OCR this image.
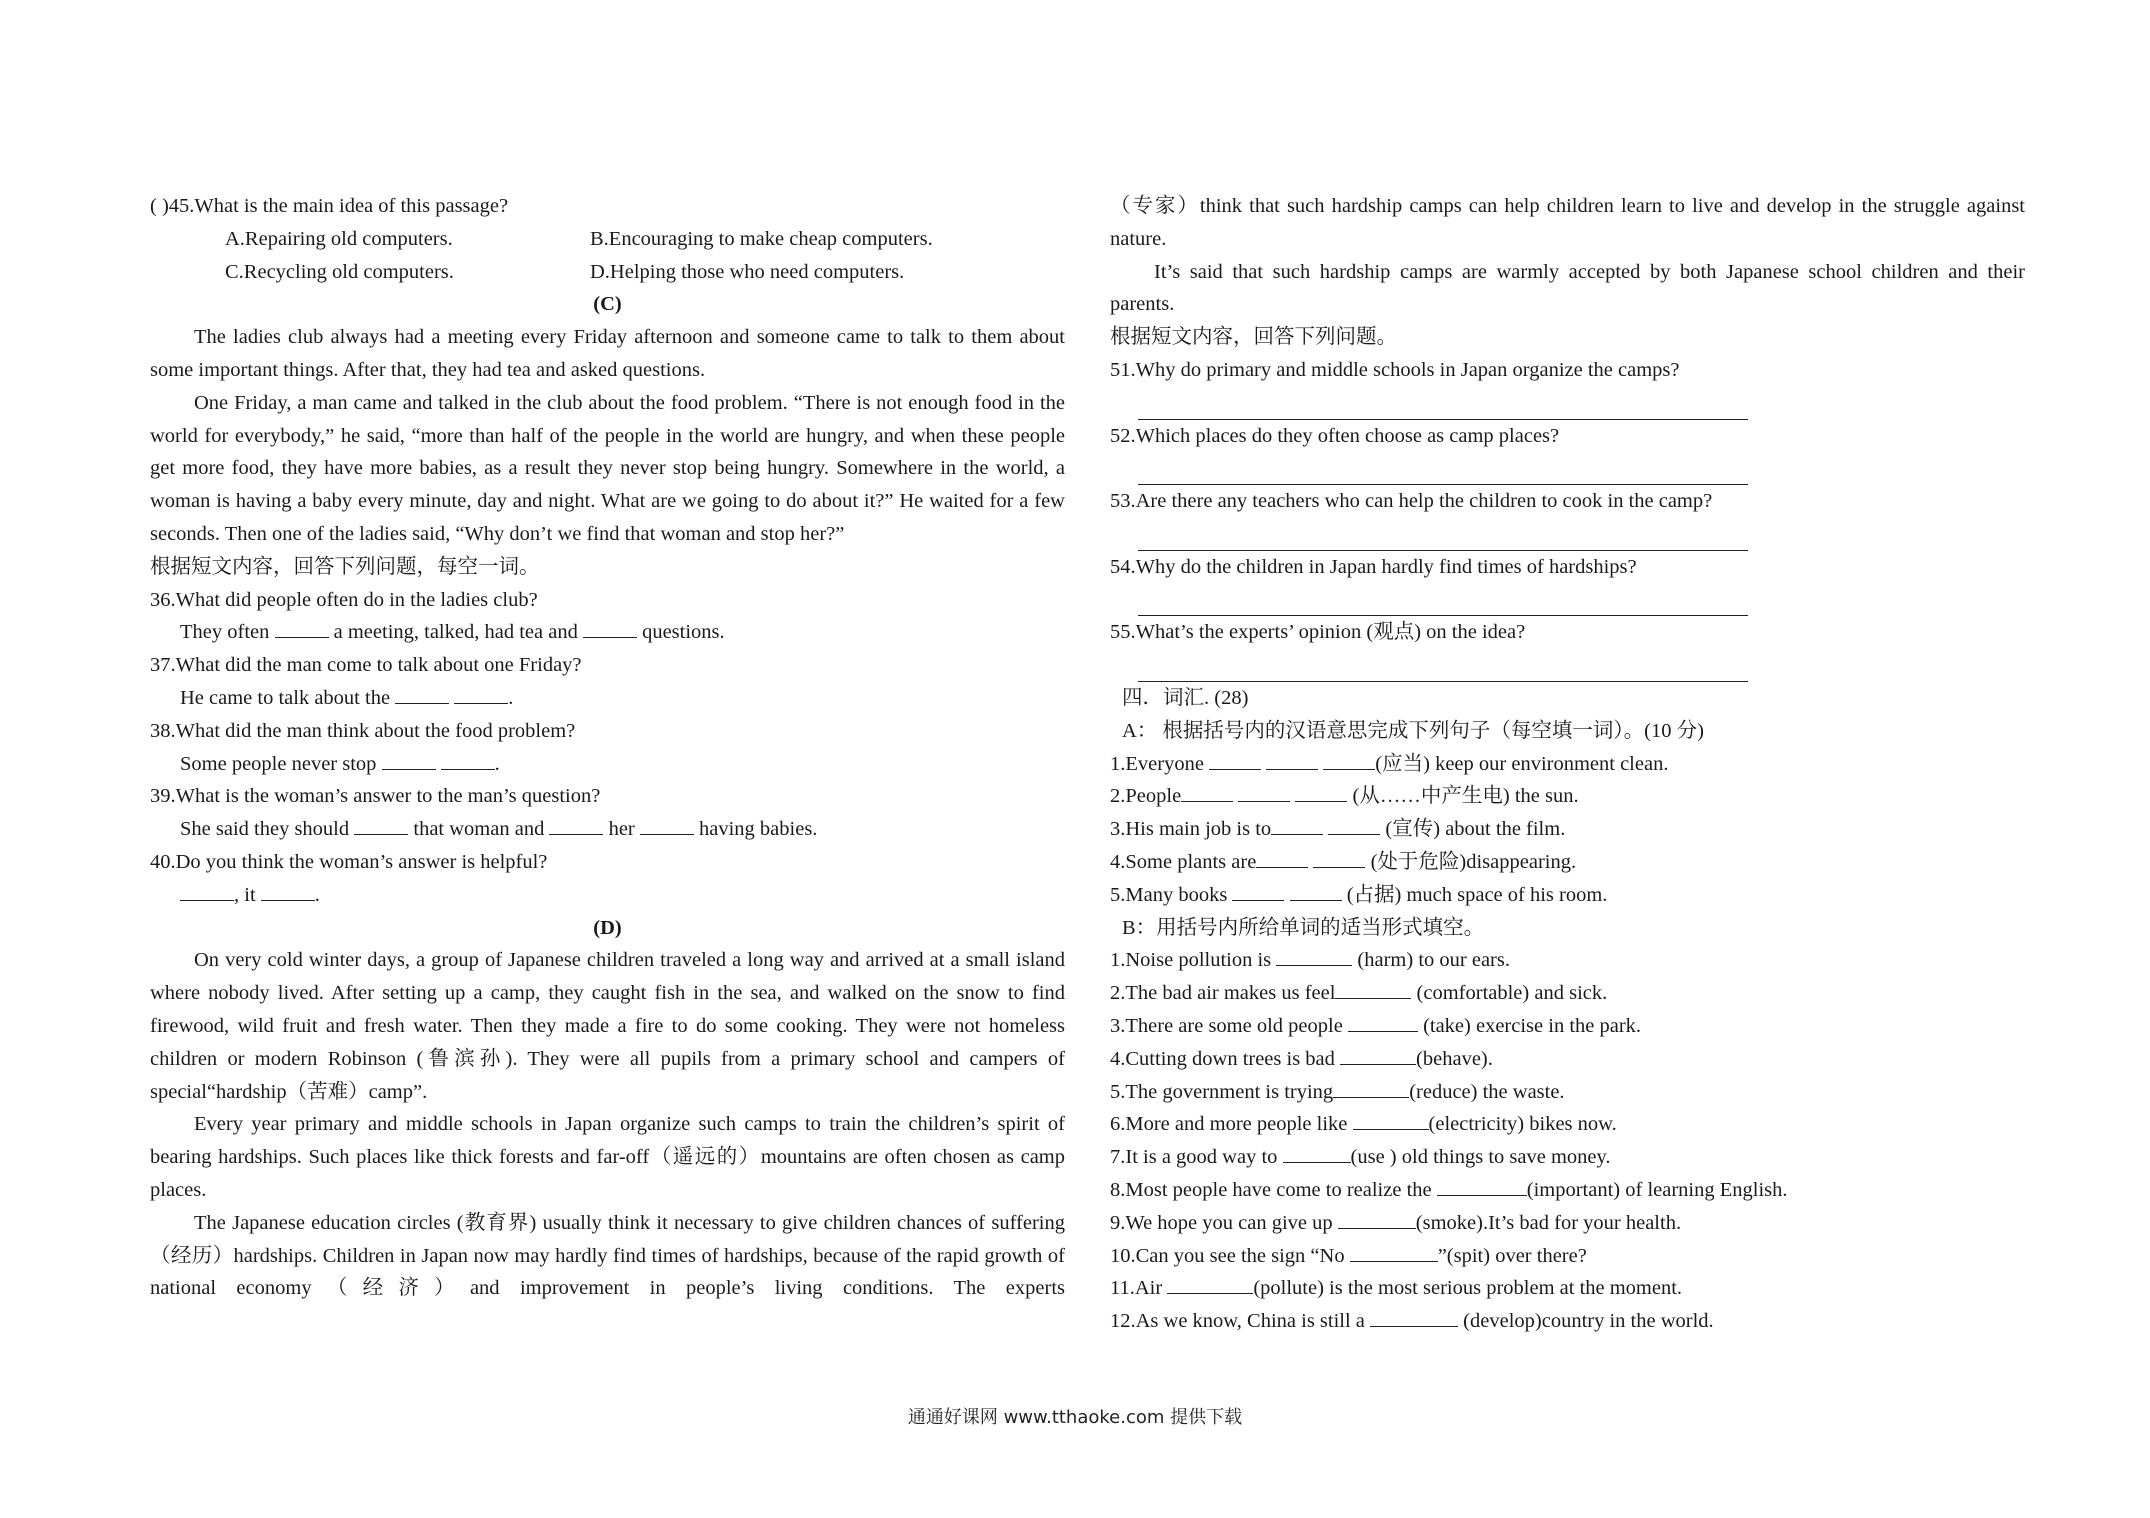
( )45.What is the main idea of this passage?

A.Repairing old computers.	B.Encouraging to make cheap computers.
C.Recycling old computers.	D.Helping those who need computers.

(C)

The ladies club always had a meeting every Friday afternoon and someone came to talk to them about some important things. After that, they had tea and asked questions.

One Friday, a man came and talked in the club about the food problem. “There is not enough food in the world for everybody,” he said, “more than half of the people in the world are hungry, and when these people get more food, they have more babies, as a result they never stop being hungry. Somewhere in the world, a woman is having a baby every minute, day and night. What are we going to do about it?” He waited for a few seconds. Then one of the ladies said, “Why don’t we find that woman and stop her?”

根据短文内容，回答下列问题，每空一词。

36.What did people often do in the ladies club?

They often	a meeting, talked, had tea and	questions.

37.What did the man come to talk about one Friday?

He came to talk about the	.

38.What did the man think about the food problem?

Some people never stop	.

39.What is the woman’s answer to the man’s question?

She said they should	that woman and	her	having babies.

40.Do you think the woman’s answer is helpful?

, it	.

(D)

On very cold winter days, a group of Japanese children traveled a long way and arrived at a small island where nobody lived. After setting up a camp, they caught fish in the sea, and walked on the snow to find firewood, wild fruit and fresh water. Then they made a fire to do some cooking. They were not homeless children or modern Robinson (鲁滨孙). They were all pupils from a primary school and campers of special“hardship（苦难）camp”.

Every year primary and middle schools in Japan organize such camps to train the children’s spirit of bearing hardships. Such places like thick forests and far-off（遥远的）mountains are often chosen as camp places.

The Japanese education circles (教育界) usually think it necessary to give children chances of suffering（经历）hardships. Children in Japan now may hardly find times of hardships, because of the rapid growth of national economy（经济）and improvement in people’s living conditions. The experts

（专家）think that such hardship camps can help children learn to live and develop in the struggle against nature.

It’s said that such hardship camps are warmly accepted by both Japanese school children and their parents.

根据短文内容，回答下列问题。

51.Why do primary and middle schools in Japan organize the camps?

52.Which places do they often choose as camp places?

53.Are there any teachers who can help the children to cook in the camp?

54.Why do the children in Japan hardly find times of hardships?

55.What’s the experts’ opinion (观点) on the idea?

四．词汇. (28)

A： 根据括号内的汉语意思完成下列句子（每空填一词）。(10 分)

1.Everyone	(应当) keep our environment clean.

2.People	(从……中产生电) the sun.

3.His main job is to	(宣传) about the film.

4.Some plants are	(处于危险)disappearing.

5.Many books	(占据) much space of his room.

B：用括号内所给单词的适当形式填空。

1.Noise pollution is	(harm) to our ears.

2.The bad air makes us feel	(comfortable) and sick.

3.There are some old people	(take) exercise in the park.

4.Cutting down trees is bad	(behave).

5.The government is trying	(reduce) the waste.

6.More and more people like	(electricity) bikes now.

7.It is a good way to	(use ) old things to save money.

8.Most people have come to realize the	(important) of learning English.

9.We hope you can give up	(smoke).It’s bad for your health.

10.Can you see the sign “No	”(spit) over there?

11.Air	(pollute) is the most serious problem at the moment.

12.As we know, China is still a	(develop)country in the world.

通通好课网 www.tthaoke.com 提供下载
